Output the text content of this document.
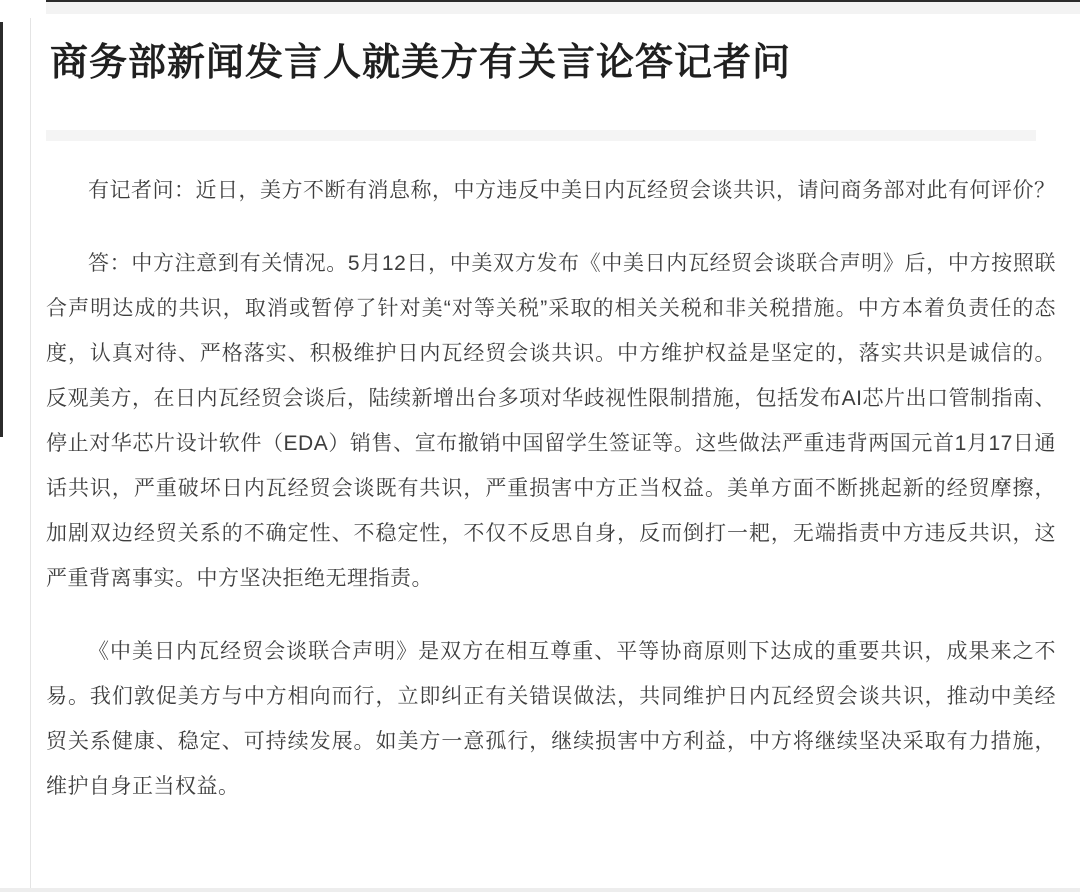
商务部新闻发言人就美方有关言论答记者问

有记者问：近日，美方不断有消息称，中方违反中美日内瓦经贸会谈共识，请问商务部对此有何评价？

答：中方注意到有关情况。5月12日，中美双方发布《中美日内瓦经贸会谈联合声明》后，中方按照联合声明达成的共识，取消或暂停了针对美“对等关税”采取的相关关税和非关税措施。中方本着负责任的态度，认真对待、严格落实、积极维护日内瓦经贸会谈共识。中方维护权益是坚定的，落实共识是诚信的。反观美方，在日内瓦经贸会谈后，陆续新增出台多项对华歧视性限制措施，包括发布AI芯片出口管制指南、停止对华芯片设计软件（EDA）销售、宣布撤销中国留学生签证等。这些做法严重违背两国元首1月17日通话共识，严重破坏日内瓦经贸会谈既有共识，严重损害中方正当权益。美单方面不断挑起新的经贸摩擦，加剧双边经贸关系的不确定性、不稳定性，不仅不反思自身，反而倒打一耙，无端指责中方违反共识，这严重背离事实。中方坚决拒绝无理指责。

《中美日内瓦经贸会谈联合声明》是双方在相互尊重、平等协商原则下达成的重要共识，成果来之不易。我们敦促美方与中方相向而行，立即纠正有关错误做法，共同维护日内瓦经贸会谈共识，推动中美经贸关系健康、稳定、可持续发展。如美方一意孤行，继续损害中方利益，中方将继续坚决采取有力措施，维护自身正当权益。
